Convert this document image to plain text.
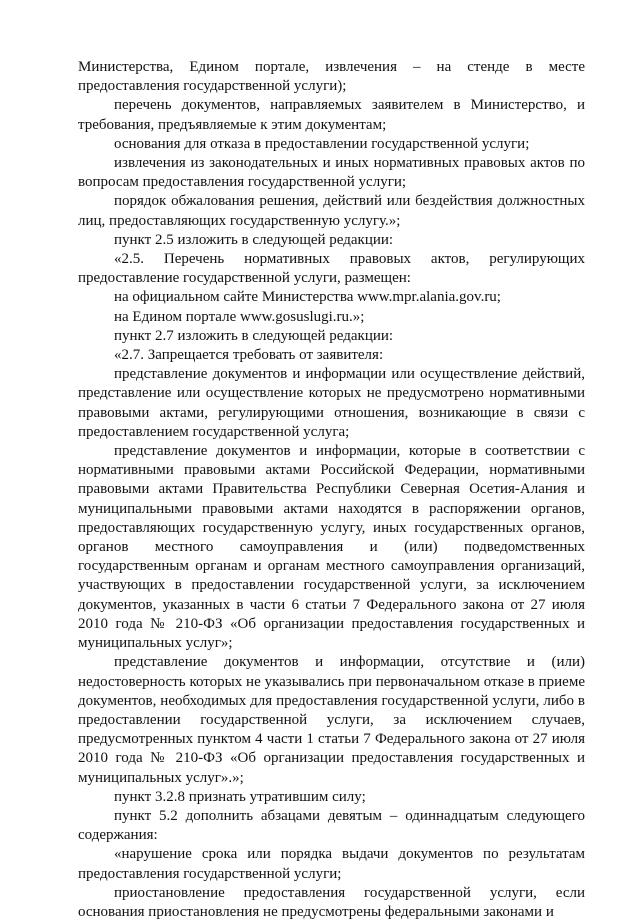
Министерства, Едином портале, извлечения – на стенде в месте предоставления государственной услуги);

перечень документов, направляемых заявителем в Министерство, и требования, предъявляемые к этим документам;

основания для отказа в предоставлении государственной услуги;

извлечения из законодательных и иных нормативных правовых актов по вопросам предоставления государственной услуги;

порядок обжалования решения, действий или бездействия должностных лиц, предоставляющих государственную услугу.»;

пункт 2.5 изложить в следующей редакции:

«2.5. Перечень нормативных правовых актов, регулирующих предоставление государственной услуги, размещен:

на официальном сайте Министерства www.mpr.alania.gov.ru;

на Едином портале www.gosuslugi.ru.»;

пункт 2.7 изложить в следующей редакции:

«2.7. Запрещается требовать от заявителя:

представление документов и информации или осуществление действий, представление или осуществление которых не предусмотрено нормативными правовыми актами, регулирующими отношения, возникающие в связи с предоставлением государственной услуга;

представление документов и информации, которые в соответствии с нормативными правовыми актами Российской Федерации, нормативными правовыми актами Правительства Республики Северная Осетия-Алания и муниципальными правовыми актами находятся в распоряжении органов, предоставляющих государственную услугу, иных государственных органов, органов местного самоуправления и (или) подведомственных государственным органам и органам местного самоуправления организаций, участвующих в предоставлении государственной услуги, за исключением документов, указанных в части 6 статьи 7 Федерального закона от 27 июля 2010 года № 210-ФЗ «Об организации предоставления государственных и муниципальных услуг»;

представление документов и информации, отсутствие и (или) недостоверность которых не указывались при первоначальном отказе в приеме документов, необходимых для предоставления государственной услуги, либо в предоставлении государственной услуги, за исключением случаев, предусмотренных пунктом 4 части 1 статьи 7 Федерального закона от 27 июля 2010 года № 210-ФЗ «Об организации предоставления государственных и муниципальных услуг».»;

пункт 3.2.8 признать утратившим силу;

пункт 5.2 дополнить абзацами девятым – одиннадцатым следующего содержания:

«нарушение срока или порядка выдачи документов по результатам предоставления государственной услуги;

приостановление предоставления государственной услуги, если основания приостановления не предусмотрены федеральными законами и
